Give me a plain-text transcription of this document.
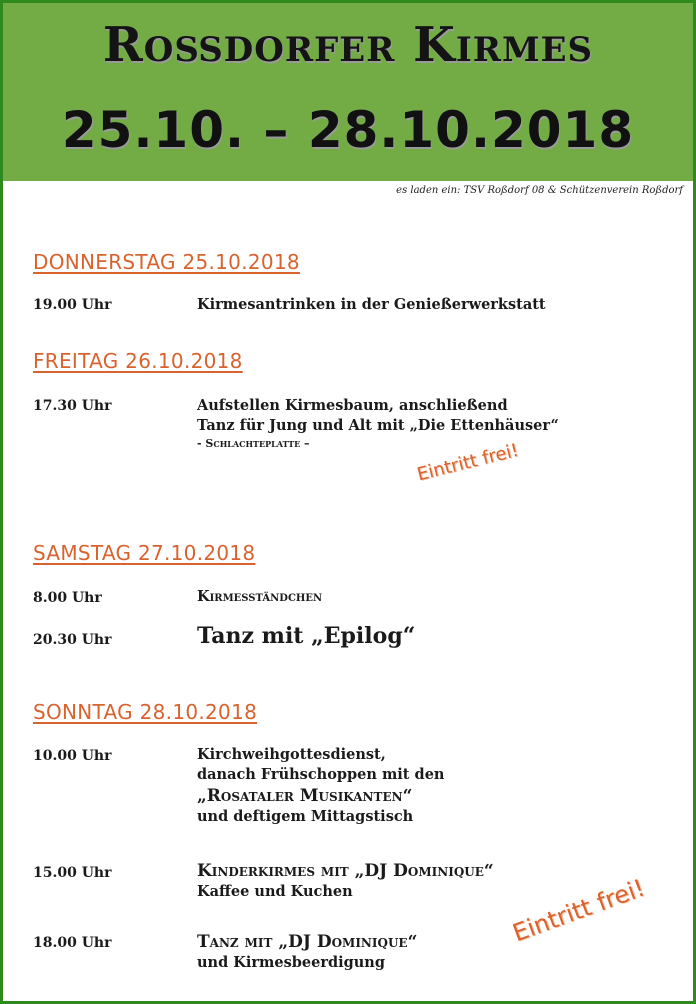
Roßdorfer Kirmes
25.10. – 28.10.2018
es laden ein: TSV Roßdorf 08 & Schützenverein Roßdorf
DONNERSTAG 25.10.2018
19.00 Uhr	Kirmesantrinken in der Genießerwerkstatt
FREITAG 26.10.2018
17.30 Uhr	Aufstellen Kirmesbaum, anschließend
Tanz für Jung und Alt mit „Die Ettenhäuser“
- Schlachteplatte –	Eintritt frei!
SAMSTAG 27.10.2018
8.00 Uhr	Kirmesständchen
20.30 Uhr	Tanz mit „Epilog“
SONNTAG 28.10.2018
10.00 Uhr	Kirchweihgottesdienst,
danach Frühschoppen mit den
„Rosataler Musikanten“
und deftigem Mittagstisch
15.00 Uhr	Kinderkirmes mit „DJ Dominique“
Kaffee und Kuchen
18.00 Uhr	Tanz mit „DJ Dominique“
und Kirmesbeerdigung
Eintritt frei!
